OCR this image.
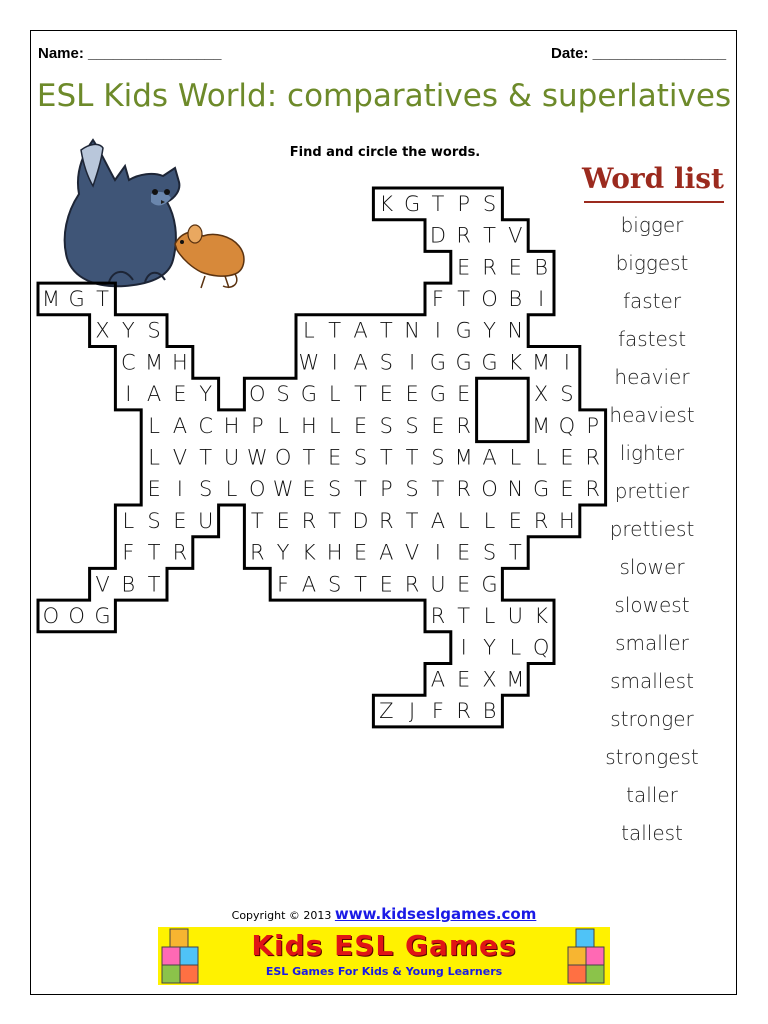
Name: ________________	Date: ________________
ESL Kids World: comparatives & superlatives
Find and circle the words.
K G T P S
D R T V
E R E B
M G T	F T O B I
X Y S	L T A T N I G Y N
C M H	W I A S I G G G K M I
I A E Y O S G L T E E G E	X S
L A C H P L H L E S S E R	M Q P
L V T U W O T E S T T S M A L L E R
E I S L O W E S T P S T R O N G E R
L S E U T E R T D R T A L L E R H
F T R	R Y K H E A V I E S T
V B T	F A S T E R U E G
O O G	R T L U K
I Y L Q
A E X M
Z J F R B
Word list
bigger
biggest
faster
fastest
heavier
heaviest
lighter
prettier
prettiest
slower
slowest
smaller
smallest
stronger
strongest
taller
tallest
Copyright © 2013 www.kidseslgames.com
Kids ESL Games
ESL Games For Kids & Young Learners
